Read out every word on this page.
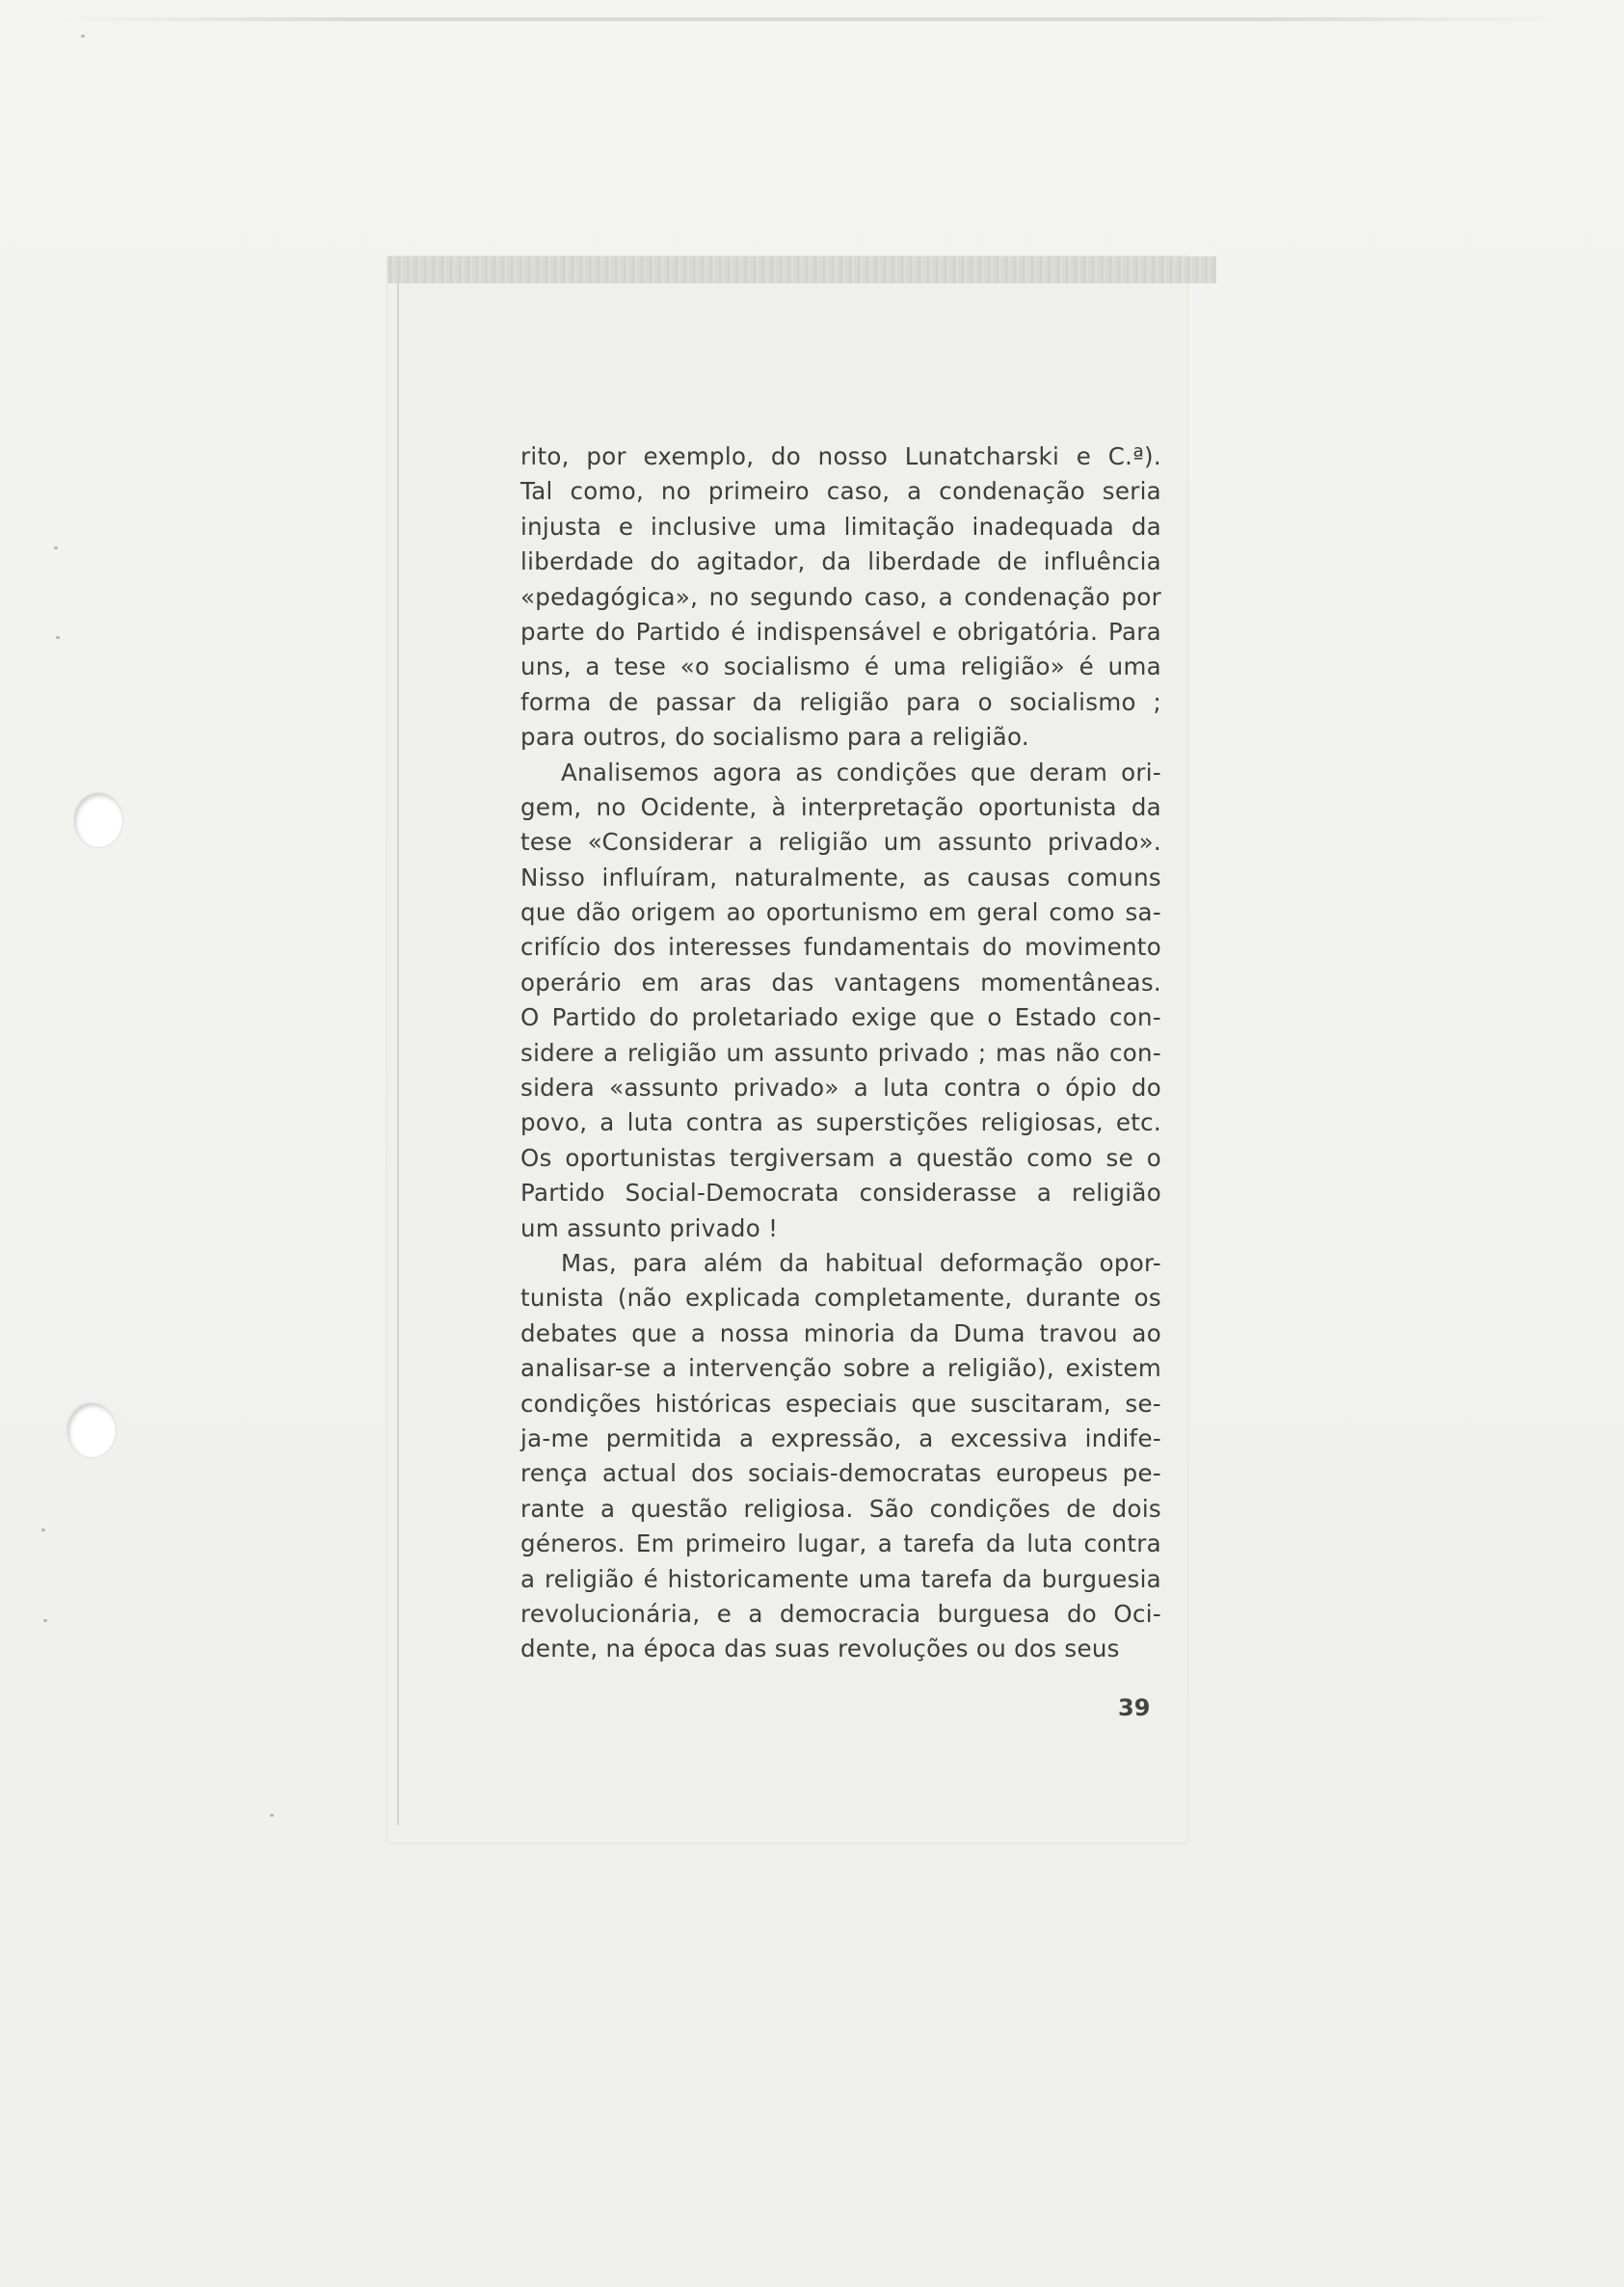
rito, por exemplo, do nosso Lunatcharski e C.ª).
Tal como, no primeiro caso, a condenação seria
injusta e inclusive uma limitação inadequada da
liberdade do agitador, da liberdade de influência
«pedagógica», no segundo caso, a condenação por
parte do Partido é indispensável e obrigatória. Para
uns, a tese «o socialismo é uma religião» é uma
forma de passar da religião para o socialismo ;
para outros, do socialismo para a religião.
Analisemos agora as condições que deram ori-
gem, no Ocidente, à interpretação oportunista da
tese «Considerar a religião um assunto privado».
Nisso influíram, naturalmente, as causas comuns
que dão origem ao oportunismo em geral como sa-
crifício dos interesses fundamentais do movimento
operário em aras das vantagens momentâneas.
O Partido do proletariado exige que o Estado con-
sidere a religião um assunto privado ; mas não con-
sidera «assunto privado» a luta contra o ópio do
povo, a luta contra as superstições religiosas, etc.
Os oportunistas tergiversam a questão como se o
Partido Social-Democrata considerasse a religião
um assunto privado !
Mas, para além da habitual deformação opor-
tunista (não explicada completamente, durante os
debates que a nossa minoria da Duma travou ao
analisar-se a intervenção sobre a religião), existem
condições históricas especiais que suscitaram, se-
ja-me permitida a expressão, a excessiva indife-
rença actual dos sociais-democratas europeus pe-
rante a questão religiosa. São condições de dois
géneros. Em primeiro lugar, a tarefa da luta contra
a religião é historicamente uma tarefa da burguesia
revolucionária, e a democracia burguesa do Oci-
dente, na época das suas revoluções ou dos seus
39
